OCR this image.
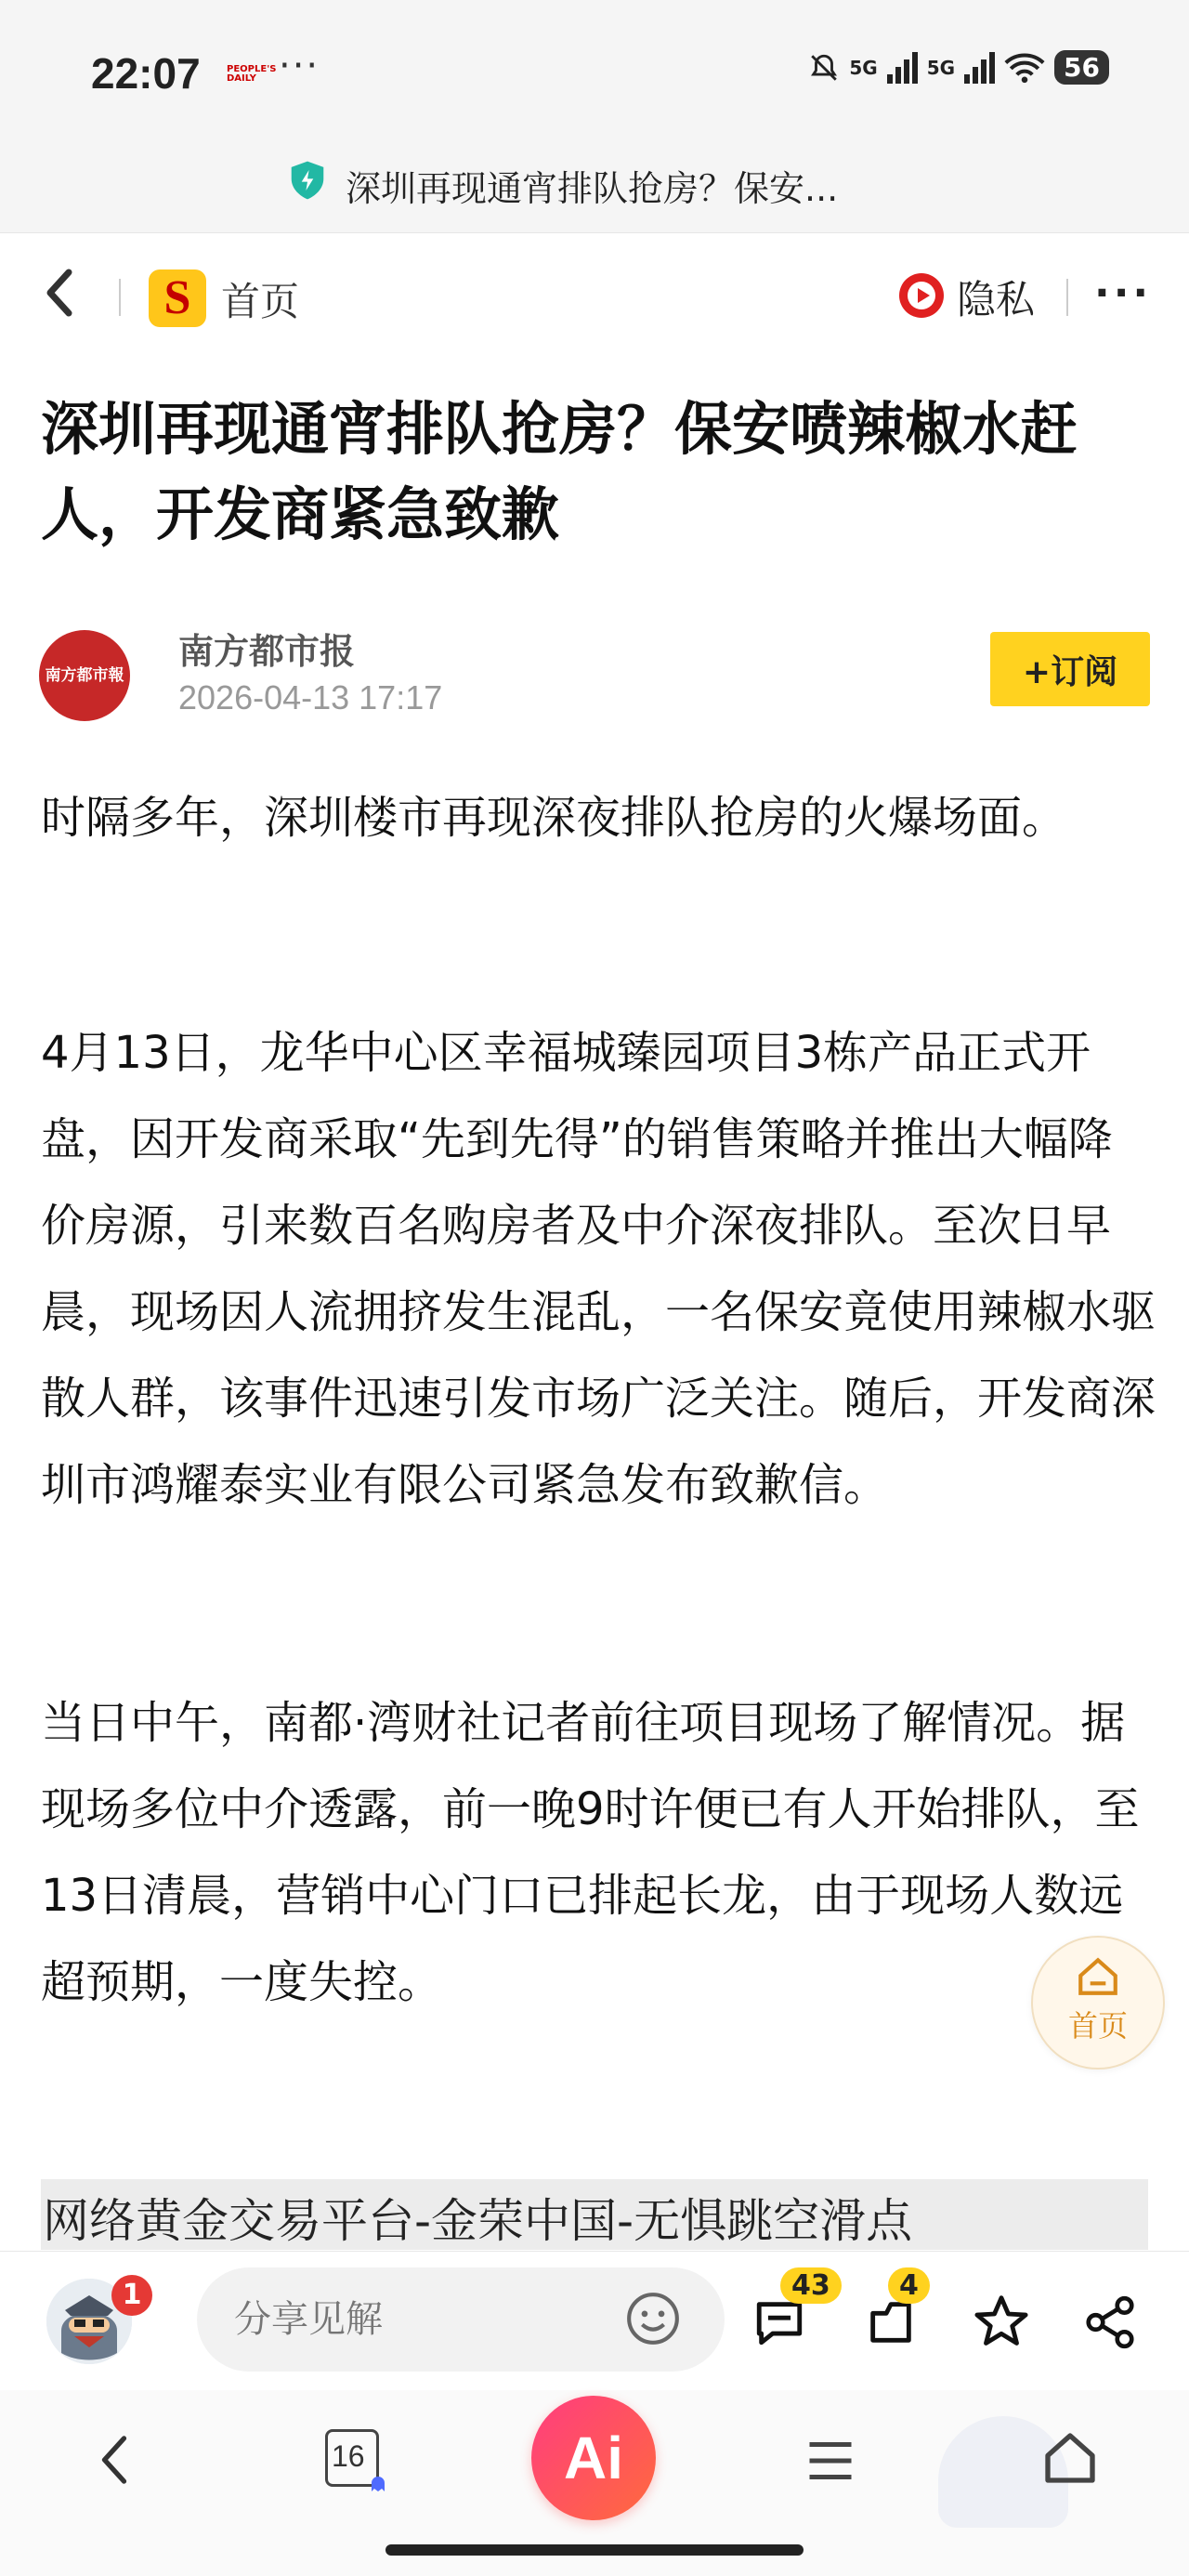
22:07	PEOPLE'S DAILY ···	5G	5G	56
深圳再现通宵排队抢房？保安...
S 首页	隐私 ···
深圳再现通宵排队抢房？保安喷辣椒水赶人，开发商紧急致歉
南方都市報
南方都市报
2026-04-13 17:17
+订阅
时隔多年，深圳楼市再现深夜排队抢房的火爆场面。
4月13日，龙华中心区幸福城臻园项目3栋产品正式开盘，因开发商采取“先到先得”的销售策略并推出大幅降价房源，引来数百名购房者及中介深夜排队。至次日早晨，现场因人流拥挤发生混乱，一名保安竟使用辣椒水驱散人群，该事件迅速引发市场广泛关注。随后，开发商深圳市鸿耀泰实业有限公司紧急发布致歉信。
当日中午，南都·湾财社记者前往项目现场了解情况。据现场多位中介透露，前一晚9时许便已有人开始排队，至13日清晨，营销中心门口已排起长龙，由于现场人数远超预期，一度失控。
首页
网络黄金交易平台-金荣中国-无惧跳空滑点
1
分享见解	43	4
16	Ai
